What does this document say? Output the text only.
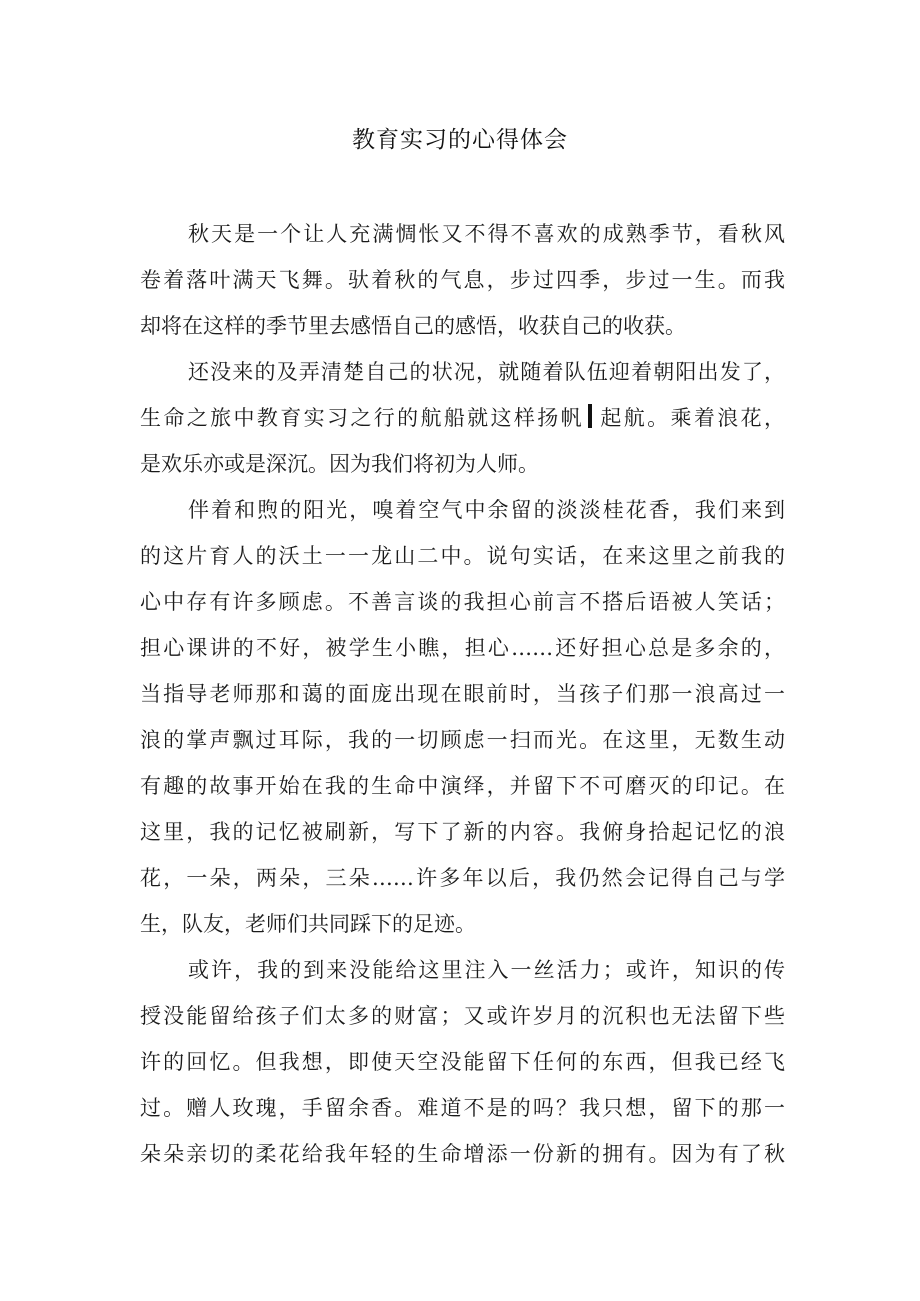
教育实习的心得体会
秋天是一个让人充满惆怅又不得不喜欢的成熟季节，看秋风
卷着落叶满天飞舞。驮着秋的气息，步过四季，步过一生。而我
却将在这样的季节里去感悟自己的感悟，收获自己的收获。
还没来的及弄清楚自己的状况，就随着队伍迎着朝阳出发了，
生命之旅中教育实习之行的航船就这样扬帆 起航。乘着浪花，
是欢乐亦或是深沉。因为我们将初为人师。
伴着和煦的阳光，嗅着空气中余留的淡淡桂花香，我们来到
的这片育人的沃土一一龙山二中。说句实话，在来这里之前我的
心中存有许多顾虑。不善言谈的我担心前言不搭后语被人笑话；
担心课讲的不好，被学生小瞧，担心……还好担心总是多余的，
当指导老师那和蔼的面庞出现在眼前时，当孩子们那一浪高过一
浪的掌声飘过耳际，我的一切顾虑一扫而光。在这里，无数生动
有趣的故事开始在我的生命中演绎，并留下不可磨灭的印记。在
这里，我的记忆被刷新，写下了新的内容。我俯身拾起记忆的浪
花，一朵，两朵，三朵……许多年以后，我仍然会记得自己与学
生，队友，老师们共同踩下的足迹。
或许，我的到来没能给这里注入一丝活力；或许，知识的传
授没能留给孩子们太多的财富；又或许岁月的沉积也无法留下些
许的回忆。但我想，即使天空没能留下任何的东西，但我已经飞
过。赠人玫瑰，手留余香。难道不是的吗？我只想，留下的那一
朵朵亲切的柔花给我年轻的生命增添一份新的拥有。因为有了秋
